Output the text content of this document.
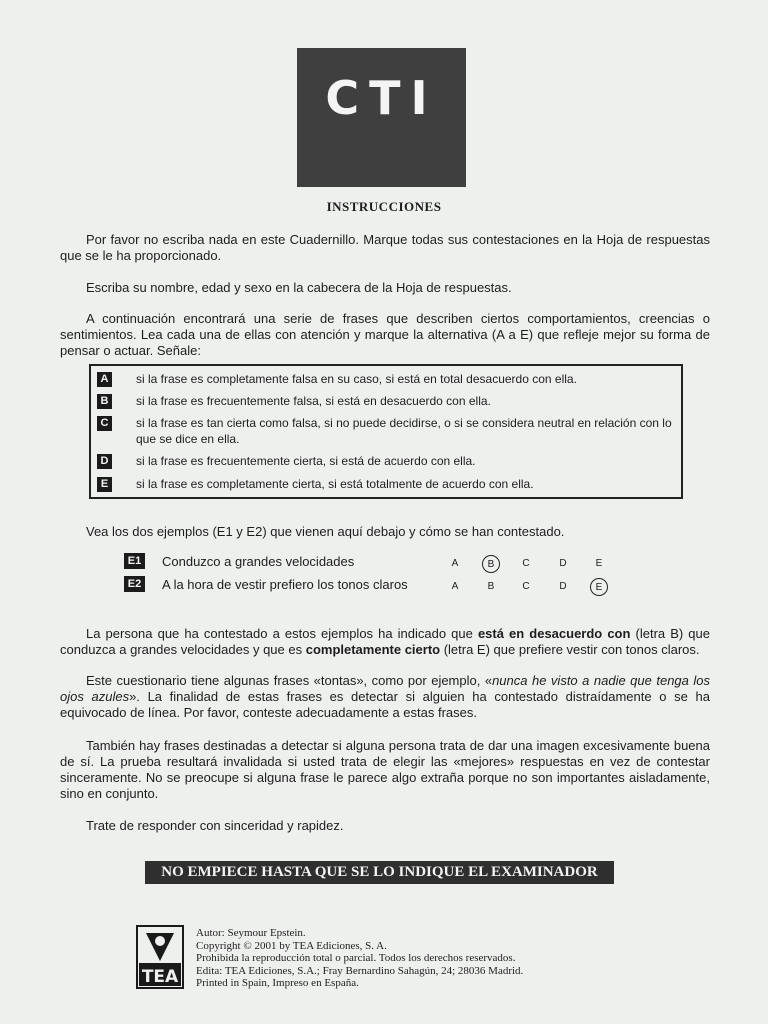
CTI
INSTRUCCIONES
Por favor no escriba nada en este Cuadernillo. Marque todas sus contestaciones en la Hoja de respuestas que se le ha proporcionado.
Escriba su nombre, edad y sexo en la cabecera de la Hoja de respuestas.
A continuación encontrará una serie de frases que describen ciertos comportamientos, creencias o sentimientos. Lea cada una de ellas con atención y marque la alternativa (A a E) que refleje mejor su forma de pensar o actuar. Señale:
A si la frase es completamente falsa en su caso, si está en total desacuerdo con ella.
B si la frase es frecuentemente falsa, si está en desacuerdo con ella.
C si la frase es tan cierta como falsa, si no puede decidirse, o si se considera neutral en relación con lo que se dice en ella.
D si la frase es frecuentemente cierta, si está de acuerdo con ella.
E	si la frase es completamente cierta, si está totalmente de acuerdo con ella.
Vea los dos ejemplos (E1 y E2) que vienen aquí debajo y cómo se han contestado.
E1 Conduzco a grandes velocidades	A	B	C	D	E
E2 A la hora de vestir prefiero los tonos claros	A	B	C	D	E
La persona que ha contestado a estos ejemplos ha indicado que está en desacuerdo con (letra B) que conduzca a grandes velocidades y que es completamente cierto (letra E) que prefiere vestir con tonos claros.
Este cuestionario tiene algunas frases «tontas», como por ejemplo, «nunca he visto a nadie que tenga los ojos azules». La finalidad de estas frases es detectar si alguien ha contestado distraídamente o se ha equivocado de línea. Por favor, conteste adecuadamente a estas frases.
También hay frases destinadas a detectar si alguna persona trata de dar una imagen excesivamente buena de sí. La prueba resultará invalidada si usted trata de elegir las «mejores» respuestas en vez de contestar sinceramente. No se preocupe si alguna frase le parece algo extraña porque no son importantes aisladamente, sino en conjunto.
Trate de responder con sinceridad y rapidez.
NO EMPIECE HASTA QUE SE LO INDIQUE EL EXAMINADOR
TEA
Autor: Seymour Epstein.
Copyright © 2001 by TEA Ediciones, S. A.
Prohibida la reproducción total o parcial. Todos los derechos reservados.
Edita: TEA Ediciones, S.A.; Fray Bernardino Sahagún, 24; 28036 Madrid.
Printed in Spain, Impreso en España.
